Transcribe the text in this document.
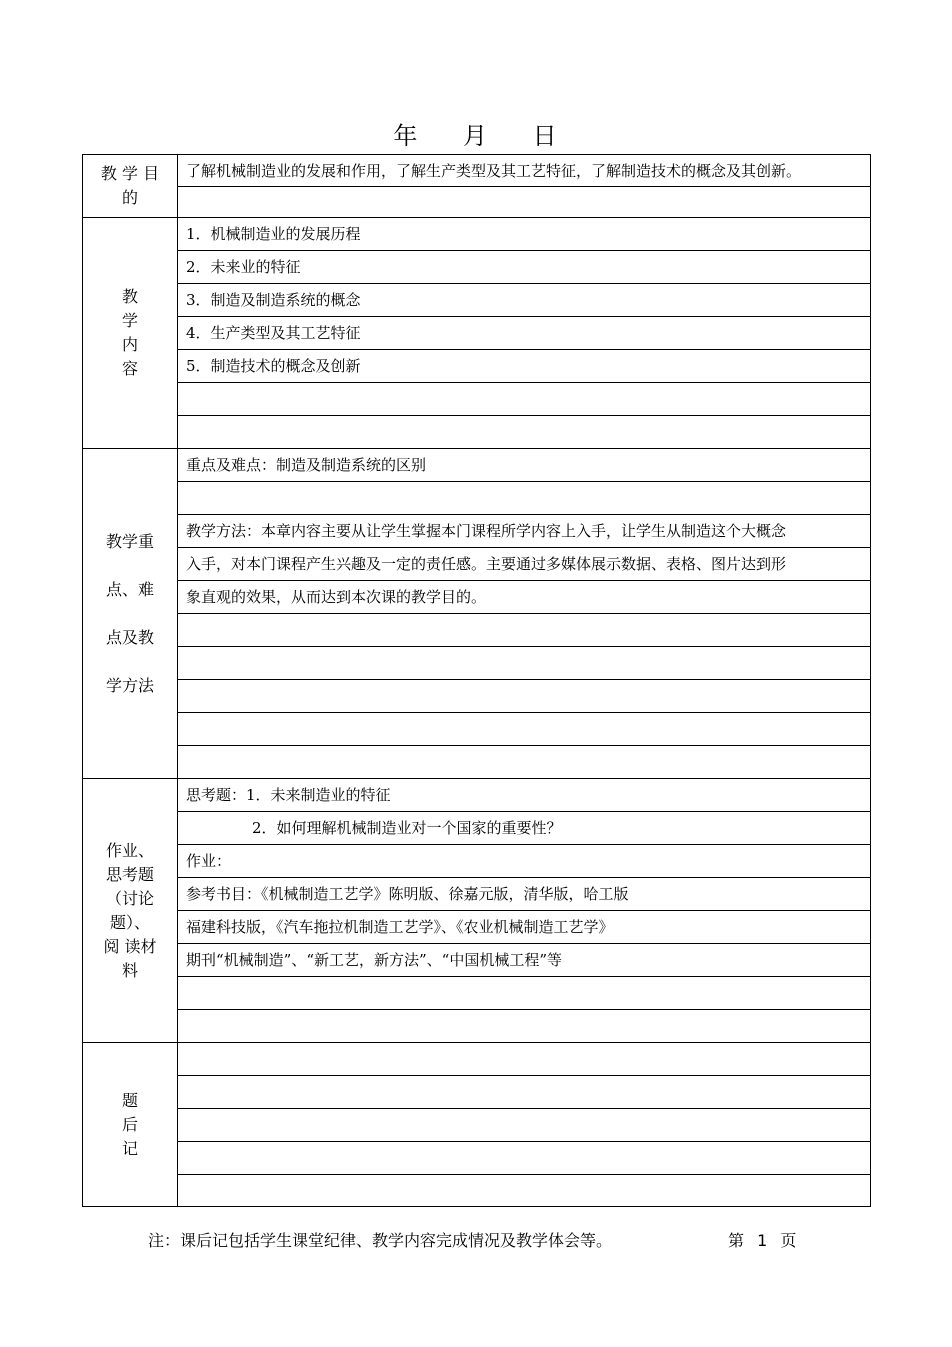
年 月 日
教 学 目 的	了解机械制造业的发展和作用，了解生产类型及其工艺特征，了解制造技术的概念及其创新。

教 学 内 容	1．机械制造业的发展历程
	2．未来业的特征
	3．制造及制造系统的概念
	4．生产类型及其工艺特征
	5．制造技术的概念及创新

教学重 点、难 点及教 学方法	重点及难点：制造及制造系统的区别

	教学方法：本章内容主要从让学生掌握本门课程所学内容上入手，让学生从制造这个大概念
	入手，对本门课程产生兴趣及一定的责任感。主要通过多媒体展示数据、表格、图片达到形
	象直观的效果，从而达到本次课的教学目的。

作业、 思考题 （讨论 题）、阅 读材料	思考题：1．未来制造业的特征
	2．如何理解机械制造业对一个国家的重要性？
	作业：
	参考书目：《机械制造工艺学》陈明版、徐嘉元版，清华版，哈工版
	福建科技版，《汽车拖拉机制造工艺学》、《农业机械制造工艺学》
	期刊“机械制造”、“新工艺，新方法”、“中国机械工程”等

题 后 记	

注：课后记包括学生课堂纪律、教学内容完成情况及教学体会等。	第 1 页
